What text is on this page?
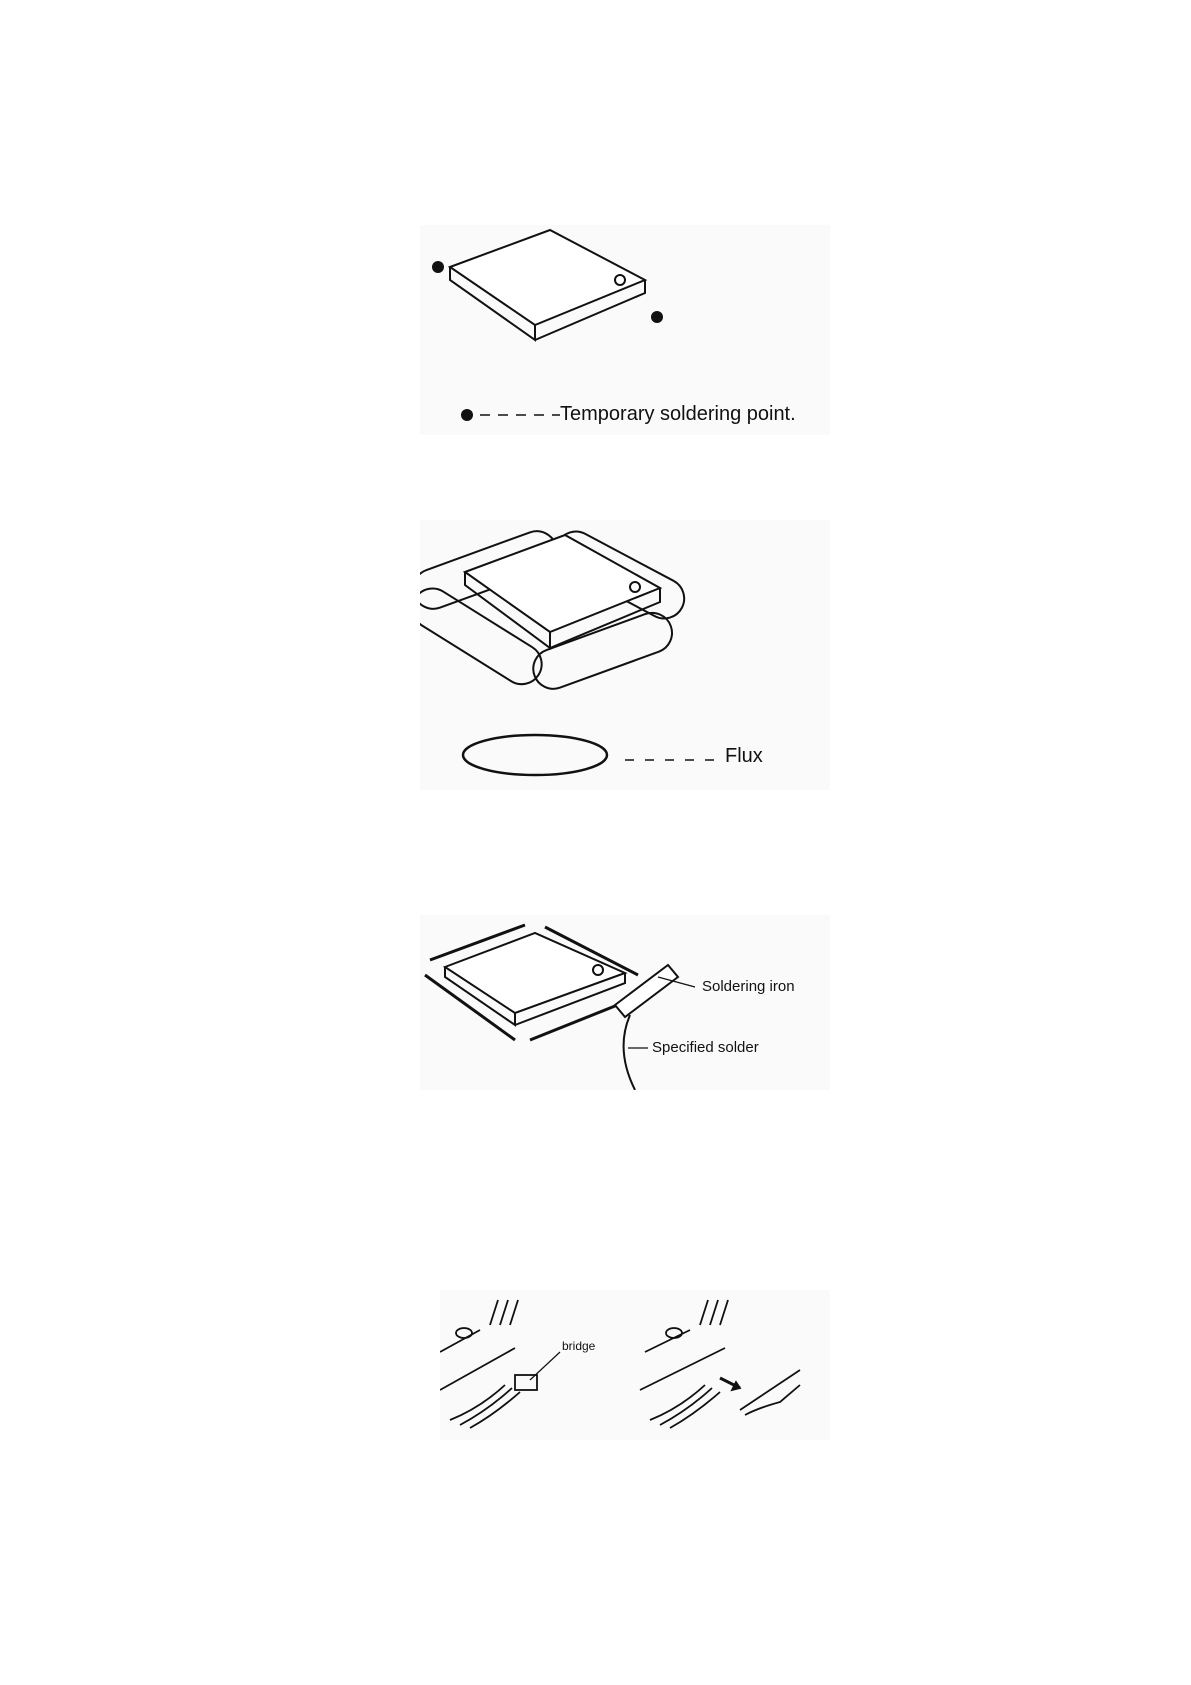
Temporary soldering point.
Flux
Soldering iron
Specified solder
bridge
